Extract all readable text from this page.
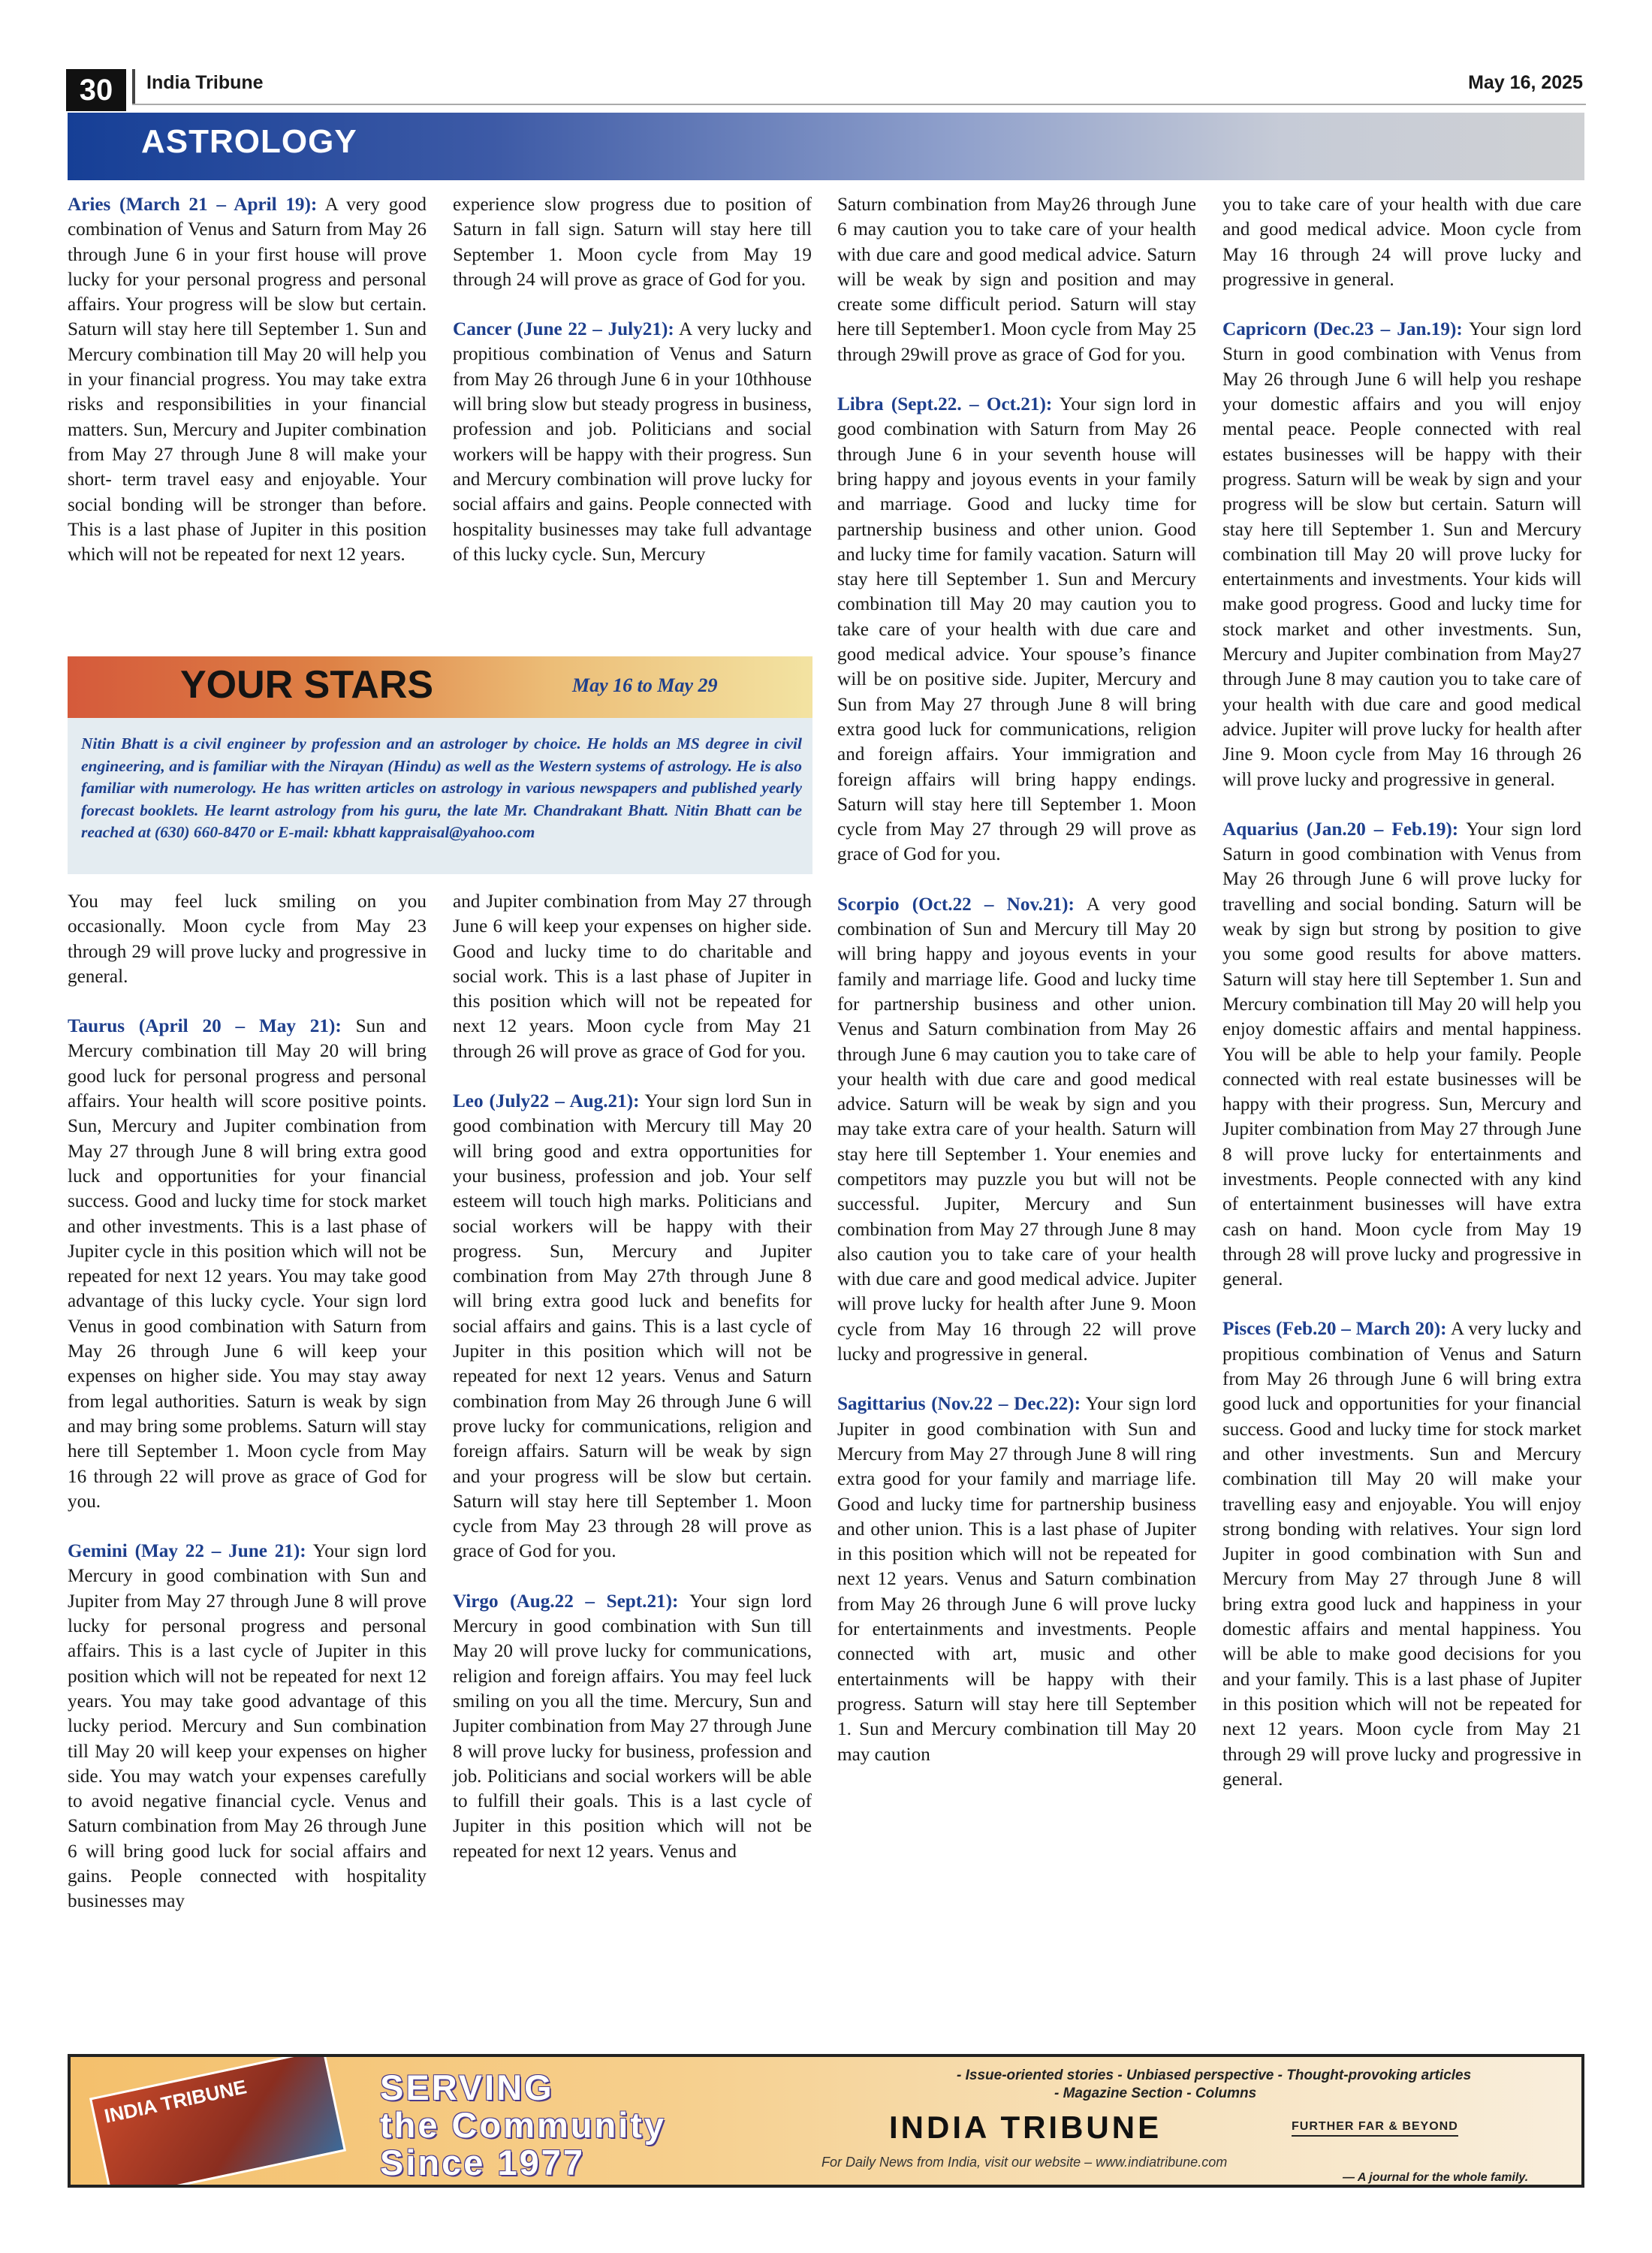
30	India Tribune	May 16, 2025
ASTROLOGY

Aries (March 21 – April 19): A very good combination of Venus and Saturn from May 26 through June 6 in your first house will prove lucky for your personal progress and personal affairs. Your progress will be slow but certain. Saturn will stay here till September 1. Sun and Mercury combination till May 20 will help you in your financial progress. You may take extra risks and responsibilities in your financial matters. Sun, Mercury and Jupiter combination from May 27 through June 8 will make your short- term travel easy and enjoyable. Your social bonding will be stronger than before. This is a last phase of Jupiter in this position which will not be repeated for next 12 years.

experience slow progress due to position of Saturn in fall sign. Saturn will stay here till September 1. Moon cycle from May 19 through 24 will prove as grace of God for you.

Cancer (June 22 – July21): A very lucky and propitious combination of Venus and Saturn from May 26 through June 6 in your 10thhouse will bring slow but steady progress in business, profession and job. Politicians and social workers will be happy with their progress. Sun and Mercury combination will prove lucky for social affairs and gains. People connected with hospitality businesses may take full advantage of this lucky cycle. Sun, Mercury

YOUR STARS	May 16 to May 29
Nitin Bhatt is a civil engineer by profession and an astrologer by choice. He holds an MS degree in civil engineering, and is familiar with the Nirayan (Hindu) as well as the Western systems of astrology. He is also familiar with numerology. He has written articles on astrology in various newspapers and published yearly forecast booklets. He learnt astrology from his guru, the late Mr. Chandrakant Bhatt. Nitin Bhatt can be reached at (630) 660-8470 or E-mail: kbhatt kappraisal@yahoo.com

You may feel luck smiling on you occasionally. Moon cycle from May 23 through 29 will prove lucky and progressive in general.

Taurus (April 20 – May 21): Sun and Mercury combination till May 20 will bring good luck for personal progress and personal affairs. Your health will score positive points. Sun, Mercury and Jupiter combination from May 27 through June 8 will bring extra good luck and opportunities for your financial success. Good and lucky time for stock market and other investments. This is a last phase of Jupiter cycle in this position which will not be repeated for next 12 years. You may take good advantage of this lucky cycle. Your sign lord Venus in good combination with Saturn from May 26 through June 6 will keep your expenses on higher side. You may stay away from legal authorities. Saturn is weak by sign and may bring some problems. Saturn will stay here till September 1. Moon cycle from May 16 through 22 will prove as grace of God for you.

Gemini (May 22 – June 21): Your sign lord Mercury in good combination with Sun and Jupiter from May 27 through June 8 will prove lucky for personal progress and personal affairs. This is a last cycle of Jupiter in this position which will not be repeated for next 12 years. You may take good advantage of this lucky period. Mercury and Sun combination till May 20 will keep your expenses on higher side. You may watch your expenses carefully to avoid negative financial cycle. Venus and Saturn combination from May 26 through June 6 will bring good luck for social affairs and gains. People connected with hospitality businesses may

and Jupiter combination from May 27 through June 6 will keep your expenses on higher side. Good and lucky time to do charitable and social work. This is a last phase of Jupiter in this position which will not be repeated for next 12 years. Moon cycle from May 21 through 26 will prove as grace of God for you.

Leo (July22 – Aug.21): Your sign lord Sun in good combination with Mercury till May 20 will bring good and extra opportunities for your business, profession and job. Your self esteem will touch high marks. Politicians and social workers will be happy with their progress. Sun, Mercury and Jupiter combination from May 27th through June 8 will bring extra good luck and benefits for social affairs and gains. This is a last cycle of Jupiter in this position which will not be repeated for next 12 years. Venus and Saturn combination from May 26 through June 6 will prove lucky for communications, religion and foreign affairs. Saturn will be weak by sign and your progress will be slow but certain. Saturn will stay here till September 1. Moon cycle from May 23 through 28 will prove as grace of God for you.

Virgo (Aug.22 – Sept.21): Your sign lord Mercury in good combination with Sun till May 20 will prove lucky for communications, religion and foreign affairs. You may feel luck smiling on you all the time. Mercury, Sun and Jupiter combination from May 27 through June 8 will prove lucky for business, profession and job. Politicians and social workers will be able to fulfill their goals. This is a last cycle of Jupiter in this position which will not be repeated for next 12 years. Venus and

Saturn combination from May26 through June 6 may caution you to take care of your health with due care and good medical advice. Saturn will be weak by sign and position and may create some difficult period. Saturn will stay here till September1. Moon cycle from May 25 through 29will prove as grace of God for you.

Libra (Sept.22. – Oct.21): Your sign lord in good combination with Saturn from May 26 through June 6 in your seventh house will bring happy and joyous events in your family and marriage. Good and lucky time for partnership business and other union. Good and lucky time for family vacation. Saturn will stay here till September 1. Sun and Mercury combination till May 20 may caution you to take care of your health with due care and good medical advice. Your spouse’s finance will be on positive side. Jupiter, Mercury and Sun from May 27 through June 8 will bring extra good luck for communications, religion and foreign affairs. Your immigration and foreign affairs will bring happy endings. Saturn will stay here till September 1. Moon cycle from May 27 through 29 will prove as grace of God for you.

Scorpio (Oct.22 – Nov.21): A very good combination of Sun and Mercury till May 20 will bring happy and joyous events in your family and marriage life. Good and lucky time for partnership business and other union. Venus and Saturn combination from May 26 through June 6 may caution you to take care of your health with due care and good medical advice. Saturn will be weak by sign and you may take extra care of your health. Saturn will stay here till September 1. Your enemies and competitors may puzzle you but will not be successful. Jupiter, Mercury and Sun combination from May 27 through June 8 may also caution you to take care of your health with due care and good medical advice. Jupiter will prove lucky for health after June 9. Moon cycle from May 16 through 22 will prove lucky and progressive in general.

Sagittarius (Nov.22 – Dec.22): Your sign lord Jupiter in good combination with Sun and Mercury from May 27 through June 8 will ring extra good for your family and marriage life. Good and lucky time for partnership business and other union. This is a last phase of Jupiter in this position which will not be repeated for next 12 years. Venus and Saturn combination from May 26 through June 6 will prove lucky for entertainments and investments. People connected with art, music and other entertainments will be happy with their progress. Saturn will stay here till September 1. Sun and Mercury combination till May 20 may caution

you to take care of your health with due care and good medical advice. Moon cycle from May 16 through 24 will prove lucky and progressive in general.

Capricorn (Dec.23 – Jan.19): Your sign lord Sturn in good combination with Venus from May 26 through June 6 will help you reshape your domestic affairs and you will enjoy mental peace. People connected with real estates businesses will be happy with their progress. Saturn will be weak by sign and your progress will be slow but certain. Saturn will stay here till September 1. Sun and Mercury combination till May 20 will prove lucky for entertainments and investments. Your kids will make good progress. Good and lucky time for stock market and other investments. Sun, Mercury and Jupiter combination from May27 through June 8 may caution you to take care of your health with due care and good medical advice. Jupiter will prove lucky for health after Jine 9. Moon cycle from May 16 through 26 will prove lucky and progressive in general.

Aquarius (Jan.20 – Feb.19): Your sign lord Saturn in good combination with Venus from May 26 through June 6 will prove lucky for travelling and social bonding. Saturn will be weak by sign but strong by position to give you some good results for above matters. Saturn will stay here till September 1. Sun and Mercury combination till May 20 will help you enjoy domestic affairs and mental happiness. You will be able to help your family. People connected with real estate businesses will be happy with their progress. Sun, Mercury and Jupiter combination from May 27 through June 8 will prove lucky for entertainments and investments. People connected with any kind of entertainment businesses will have extra cash on hand. Moon cycle from May 19 through 28 will prove lucky and progressive in general.

Pisces (Feb.20 – March 20): A very lucky and propitious combination of Venus and Saturn from May 26 through June 6 will bring extra good luck and opportunities for your financial success. Good and lucky time for stock market and other investments. Sun and Mercury combination till May 20 will make your travelling easy and enjoyable. You will enjoy strong bonding with relatives. Your sign lord Jupiter in good combination with Sun and Mercury from May 27 through June 8 will bring extra good luck and happiness in your domestic affairs and mental happiness. You will be able to make good decisions for you and your family. This is a last phase of Jupiter in this position which will not be repeated for next 12 years. Moon cycle from May 21 through 29 will prove lucky and progressive in general.

INDIA TRIBUNE	SERVING
the Community
Since 1977
- Issue-oriented stories - Unbiased perspective - Thought-provoking articles
- Magazine Section - Columns
INDIA TRIBUNE	FURTHER FAR & BEYOND
For Daily News from India, visit our website – www.indiatribune.com
— A journal for the whole family.
